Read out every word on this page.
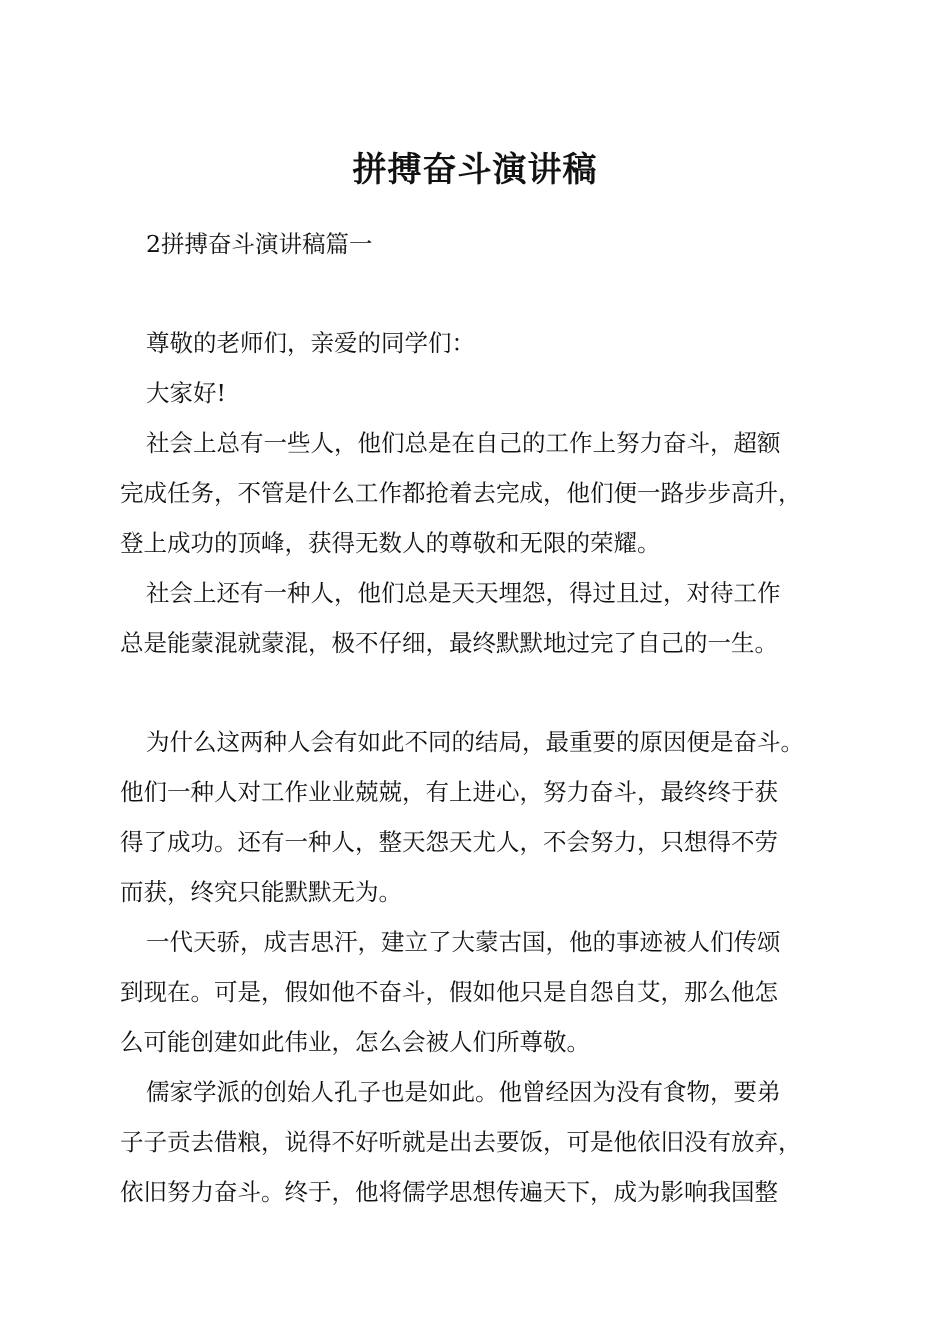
拼搏奋斗演讲稿
2拼搏奋斗演讲稿篇一
尊敬的老师们，亲爱的同学们：
大家好!
社会上总有一些人，他们总是在自己的工作上努力奋斗，超额
完成任务，不管是什么工作都抢着去完成，他们便一路步步高升，
登上成功的顶峰，获得无数人的尊敬和无限的荣耀。
社会上还有一种人，他们总是天天埋怨，得过且过，对待工作
总是能蒙混就蒙混，极不仔细，最终默默地过完了自己的一生。
为什么这两种人会有如此不同的结局，最重要的原因便是奋斗。
他们一种人对工作业业兢兢，有上进心，努力奋斗，最终终于获
得了成功。还有一种人，整天怨天尤人，不会努力，只想得不劳
而获，终究只能默默无为。
一代天骄，成吉思汗，建立了大蒙古国，他的事迹被人们传颂
到现在。可是，假如他不奋斗，假如他只是自怨自艾，那么他怎
么可能创建如此伟业，怎么会被人们所尊敬。
儒家学派的创始人孔子也是如此。他曾经因为没有食物，要弟
子子贡去借粮，说得不好听就是出去要饭，可是他依旧没有放弃，
依旧努力奋斗。终于，他将儒学思想传遍天下，成为影响我国整
